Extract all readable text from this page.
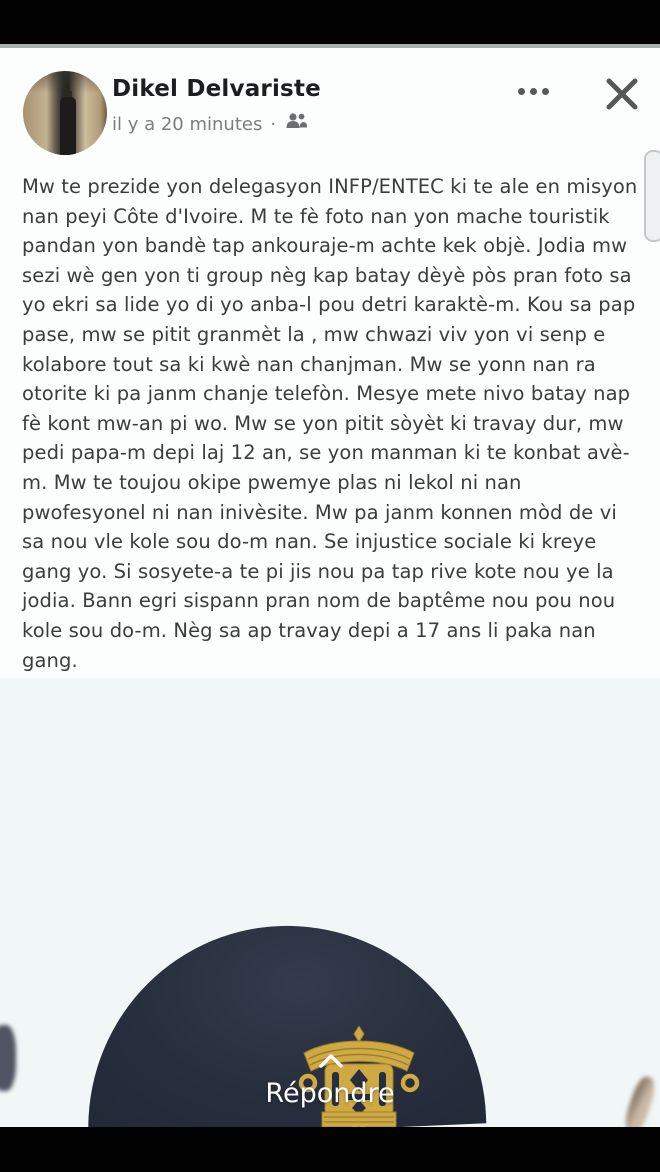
Dikel Delvariste
il y a 20 minutes ·
Mw te prezide yon delegasyon INFP/ENTEC ki te ale en misyon nan peyi Côte d'Ivoire. M te fè foto nan yon mache touristik pandan yon bandè tap ankouraje-m achte kek objè. Jodia mw sezi wè gen yon ti group nèg kap batay dèyè pòs pran foto sa yo ekri sa lide yo di yo anba-l pou detri karaktè-m. Kou sa pap pase, mw se pitit granmèt la , mw chwazi viv yon vi senp e kolabore tout sa ki kwè nan chanjman. Mw se yonn nan ra otorite ki pa janm chanje telefòn. Mesye mete nivo batay nap fè kont mw-an pi wo. Mw se yon pitit sòyèt ki travay dur, mw pedi papa-m depi laj 12 an, se yon manman ki te konbat avè-m. Mw te toujou okipe pwemye plas ni lekol ni nan pwofesyonel ni nan inivèsite. Mw pa janm konnen mòd de vi sa nou vle kole sou do-m nan. Se injustice sociale ki kreye gang yo. Si sosyete-a te pi jis nou pa tap rive kote nou ye la jodia. Bann egri sispann pran nom de baptême nou pou nou kole sou do-m. Nèg sa ap travay depi a 17 ans li paka nan gang.
Répondre
